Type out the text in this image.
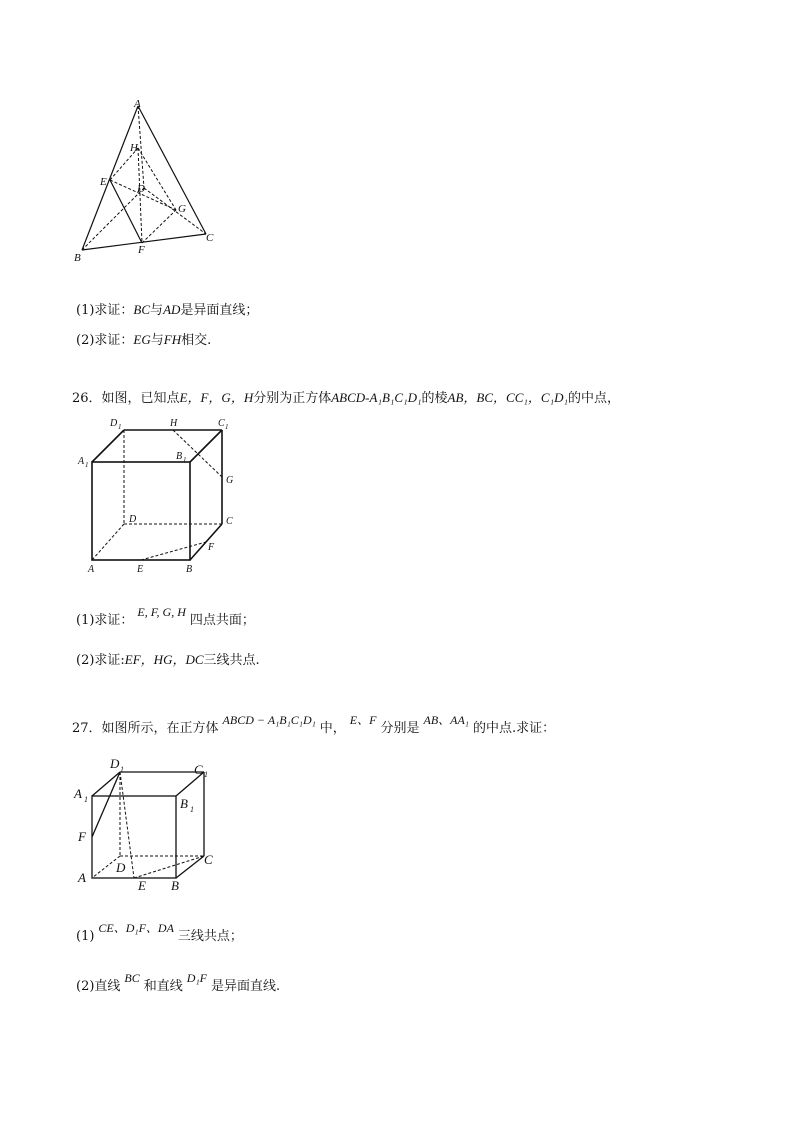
A
H
E
D
G
B
F
C
(1)求证：BC与AD是异面直线；
(2)求证：EG与FH相交.
26．如图，已知点E，F，G，H分别为正方体ABCD-A₁B₁C₁D₁的棱AB，BC，CC₁，C₁D₁的中点，
D 1	H	C 1
A 1
B 1
G
D	C
F
A	E	B
(1)求证：E, F, G, H四点共面；
(2)求证:EF，HG，DC三线共点.
27．如图所示，在正方体ABCD − A₁B₁C₁D₁中，E、F分别是AB、AA₁的中点.求证：
D 1	C 1
A 1	B 1
F
D
C
A
E B
(1)CE、D₁F、DA三线共点；
(2)直线BC和直线D₁F是异面直线.
